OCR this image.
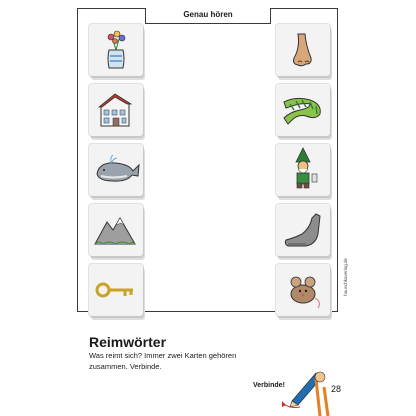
Genau hören
Reimwörter
Was reimt sich? Immer zwei Karten gehören zusammen. Verbinde.
Verbinde!	28
hauschkaverlag.de
